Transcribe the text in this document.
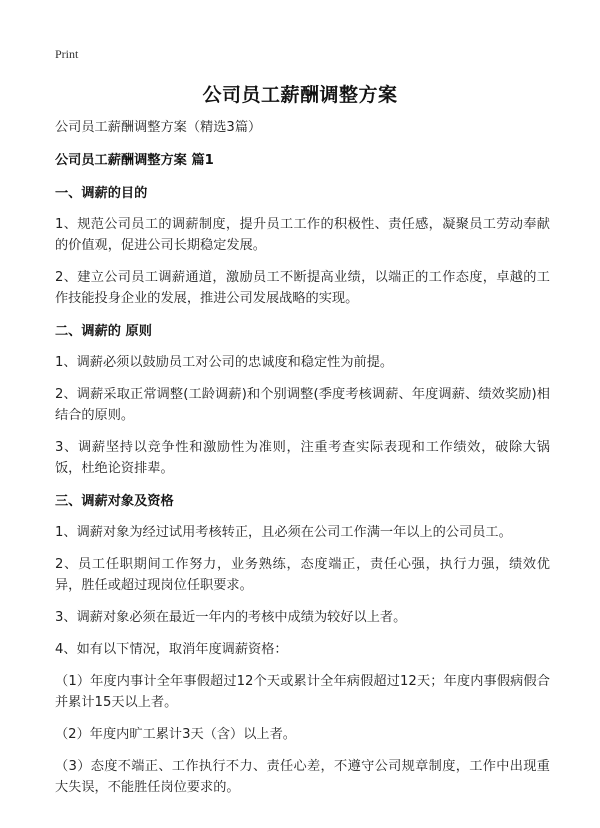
Print
公司员工薪酬调整方案

公司员工薪酬调整方案（精选3篇）

公司员工薪酬调整方案 篇1

一、调薪的目的

1、规范公司员工的调薪制度，提升员工工作的积极性、责任感，凝聚员工劳动奉献的价值观，促进公司长期稳定发展。

2、建立公司员工调薪通道，激励员工不断提高业绩，以端正的工作态度，卓越的工作技能投身企业的发展，推进公司发展战略的实现。

二、调薪的 原则

1、调薪必须以鼓励员工对公司的忠诚度和稳定性为前提。

2、调薪采取正常调整(工龄调薪)和个别调整(季度考核调薪、年度调薪、绩效奖励)相结合的原则。

3、调薪坚持以竞争性和激励性为准则，注重考查实际表现和工作绩效，破除大锅饭，杜绝论资排辈。

三、调薪对象及资格

1、调薪对象为经过试用考核转正，且必须在公司工作满一年以上的公司员工。

2、员工任职期间工作努力，业务熟练，态度端正，责任心强，执行力强，绩效优异，胜任或超过现岗位任职要求。

3、调薪对象必须在最近一年内的考核中成绩为较好以上者。

4、如有以下情况，取消年度调薪资格：

（1）年度内事计全年事假超过12个天或累计全年病假超过12天；年度内事假病假合并累计15天以上者。

（2）年度内旷工累计3天（含）以上者。

（3）态度不端正、工作执行不力、责任心差，不遵守公司规章制度，工作中出现重大失误，不能胜任岗位要求的。
